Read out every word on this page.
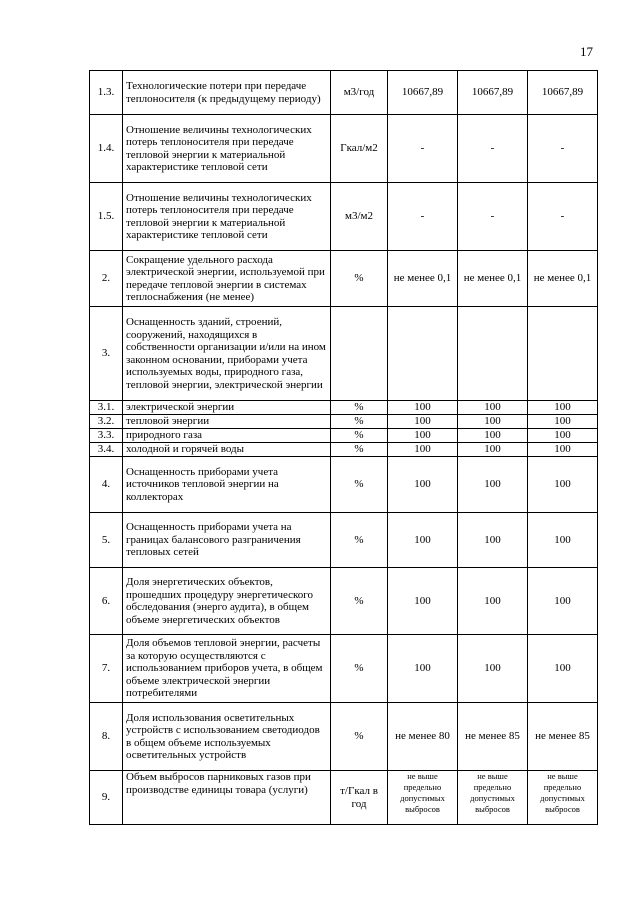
17
1.3.	Технологические потери при передаче теплоносителя (к предыдущему периоду)	м3/год	10667,89	10667,89	10667,89
1.4.	Отношение величины технологических потерь теплоносителя при передаче тепловой энергии к материальной характеристике тепловой сети	Гкал/м2	-	-	-
1.5.	Отношение величины технологических потерь теплоносителя при передаче тепловой энергии к материальной характеристике тепловой сети	м3/м2	-	-	-
2.	Сокращение удельного расхода электрической энергии, используемой при передаче тепловой энергии в системах теплоснабжения (не менее)	%	не менее 0,1	не менее 0,1	не менее 0,1
3.	Оснащенность зданий, строений, сооружений, находящихся в собственности организации и/или на ином законном основании, приборами учета используемых воды, природного газа, тепловой энергии, электрической энергии				
3.1.	электрической энергии	%	100	100	100
3.2.	тепловой энергии	%	100	100	100
3.3.	природного газа	%	100	100	100
3.4.	холодной и горячей воды	%	100	100	100
4.	Оснащенность приборами учета источников тепловой энергии на коллекторах	%	100	100	100
5.	Оснащенность приборами учета на границах балансового разграничения тепловых сетей	%	100	100	100
6.	Доля энергетических объектов, прошедших процедуру энергетического обследования (энерго аудита), в общем объеме энергетических объектов	%	100	100	100
7.	Доля объемов тепловой энергии, расчеты за которую осуществляются с использованием приборов учета, в общем объеме электрической энергии потребителями	%	100	100	100
8.	Доля использования осветительных устройств с использованием светодиодов в общем объеме используемых осветительных устройств	%	не менее 80	не менее 85	не менее 85
9.	Объем выбросов парниковых газов при производстве единицы товара (услуги)	т/Гкал в год	не выше предельно допустимых выбросов	не выше предельно допустимых выбросов	не выше предельно допустимых выбросов
